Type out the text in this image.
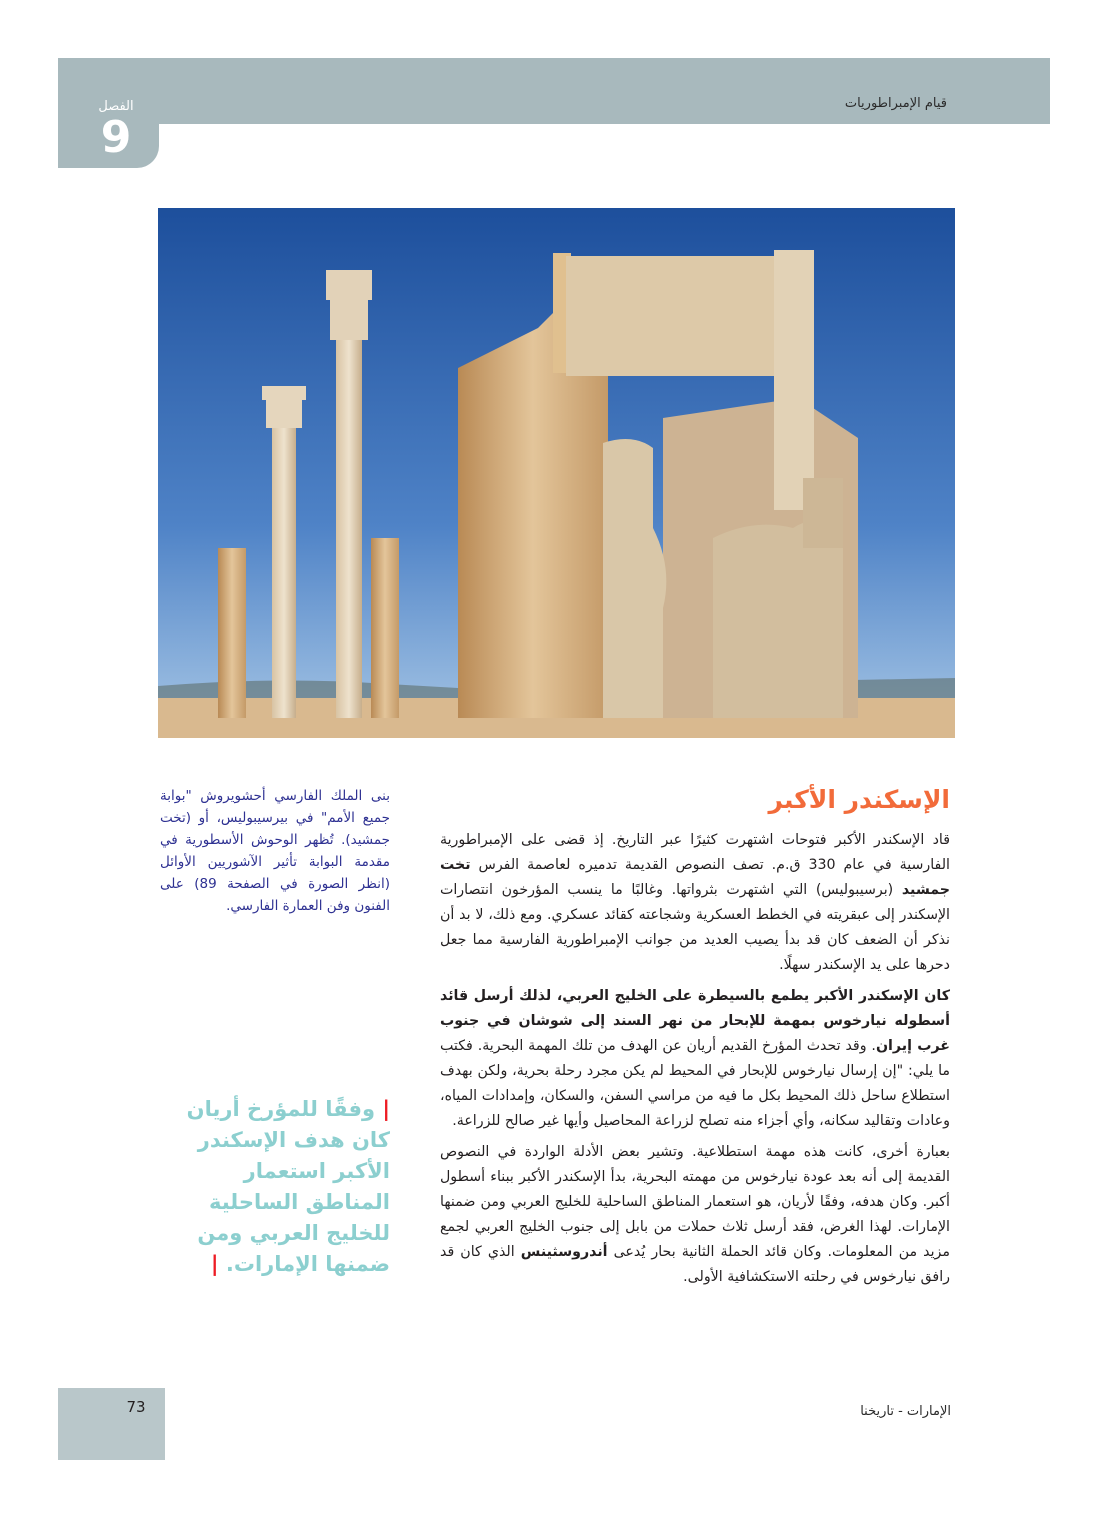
الفصل
9
قيام الإمبراطوريات
بنى الملك الفارسي أحشويروش "بوابة جميع الأمم" في بيرسيبوليس، أو (تخت جمشيد). تُظهر الوحوش الأسطورية في مقدمة البوابة تأثير الآشوريين الأوائل (انظر الصورة في الصفحة 89) على الفنون وفن العمارة الفارسي.
| وفقًا للمؤرخ أريان كان هدف الإسكندر الأكبر استعمار المناطق الساحلية للخليج العربي ومن ضمنها الإمارات. |
الإسكندر الأكبر

قاد الإسكندر الأكبر فتوحات اشتهرت كثيرًا عبر التاريخ. إذ قضى على الإمبراطورية الفارسية في عام 330 ق.م. تصف النصوص القديمة تدميره لعاصمة الفرس تخت جمشيد (برسيبوليس) التي اشتهرت بثرواتها. وغالبًا ما ينسب المؤرخون انتصارات الإسكندر إلى عبقريته في الخطط العسكرية وشجاعته كقائد عسكري. ومع ذلك، لا بد أن نذكر أن الضعف كان قد بدأ يصيب العديد من جوانب الإمبراطورية الفارسية مما جعل دحرها على يد الإسكندر سهلًا.

كان الإسكندر الأكبر يطمع بالسيطرة على الخليج العربي، لذلك أرسل قائد أسطوله نيارخوس بمهمة للإبحار من نهر السند إلى شوشان في جنوب غرب إيران. وقد تحدث المؤرخ القديم أريان عن الهدف من تلك المهمة البحرية. فكتب ما يلي: "إن إرسال نيارخوس للإبحار في المحيط لم يكن مجرد رحلة بحرية، ولكن بهدف استطلاع ساحل ذلك المحيط بكل ما فيه من مراسي السفن، والسكان، وإمدادات المياه، وعادات وتقاليد سكانه، وأي أجزاء منه تصلح لزراعة المحاصيل وأيها غير صالح للزراعة.

بعبارة أخرى، كانت هذه مهمة استطلاعية. وتشير بعض الأدلة الواردة في النصوص القديمة إلى أنه بعد عودة نيارخوس من مهمته البحرية، بدأ الإسكندر الأكبر ببناء أسطول أكبر. وكان هدفه، وفقًا لأريان، هو استعمار المناطق الساحلية للخليج العربي ومن ضمنها الإمارات. لهذا الغرض، فقد أرسل ثلاث حملات من بابل إلى جنوب الخليج العربي لجمع مزيد من المعلومات. وكان قائد الحملة الثانية بحار يُدعى أندروسثينس الذي كان قد رافق نيارخوس في رحلته الاستكشافية الأولى.

73	الإمارات - تاريخنا
